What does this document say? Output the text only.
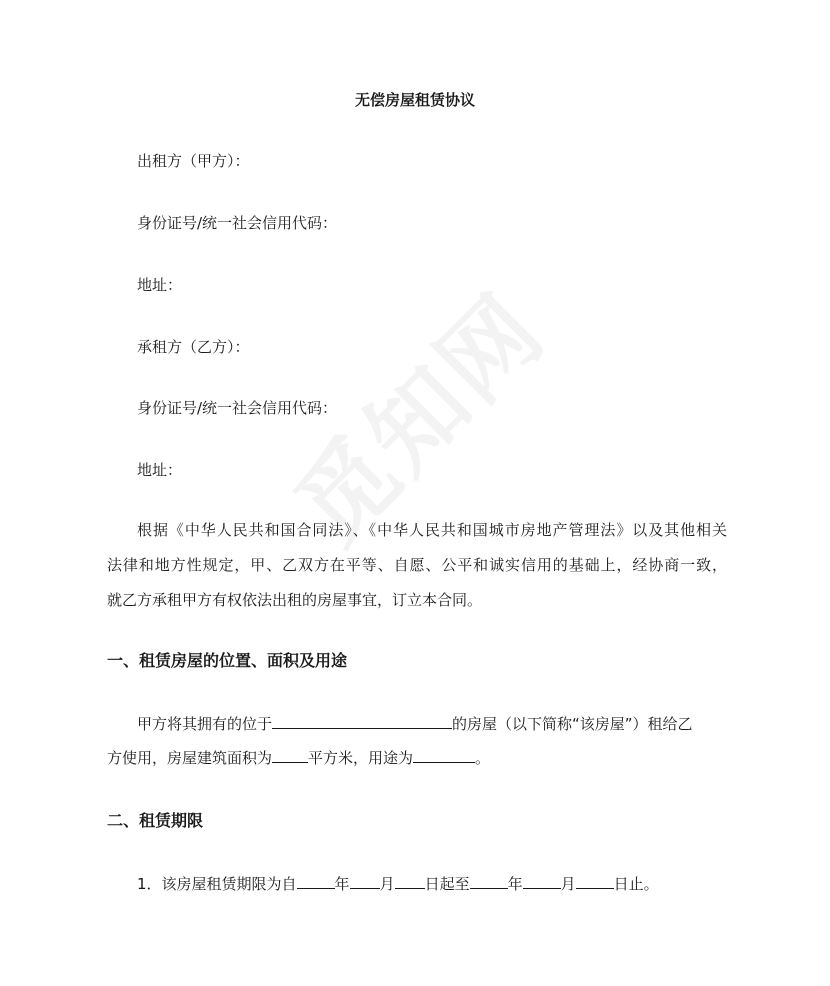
无偿房屋租赁协议
出租方（甲方）：
身份证号/统一社会信用代码：
地址：
承租方（乙方）：
身份证号/统一社会信用代码：
地址：
根据《中华人民共和国合同法》、《中华人民共和国城市房地产管理法》以及其他相关
法律和地方性规定，甲、乙双方在平等、自愿、公平和诚实信用的基础上，经协商一致，
就乙方承租甲方有权依法出租的房屋事宜，订立本合同。
一、租赁房屋的位置、面积及用途
甲方将其拥有的位于	的房屋（以下简称“该房屋”）租给乙
方使用，房屋建筑面积为 平方米，用途为	。
二、租赁期限
1．该房屋租赁期限为自	年 月 日起至	年	月	日止。
